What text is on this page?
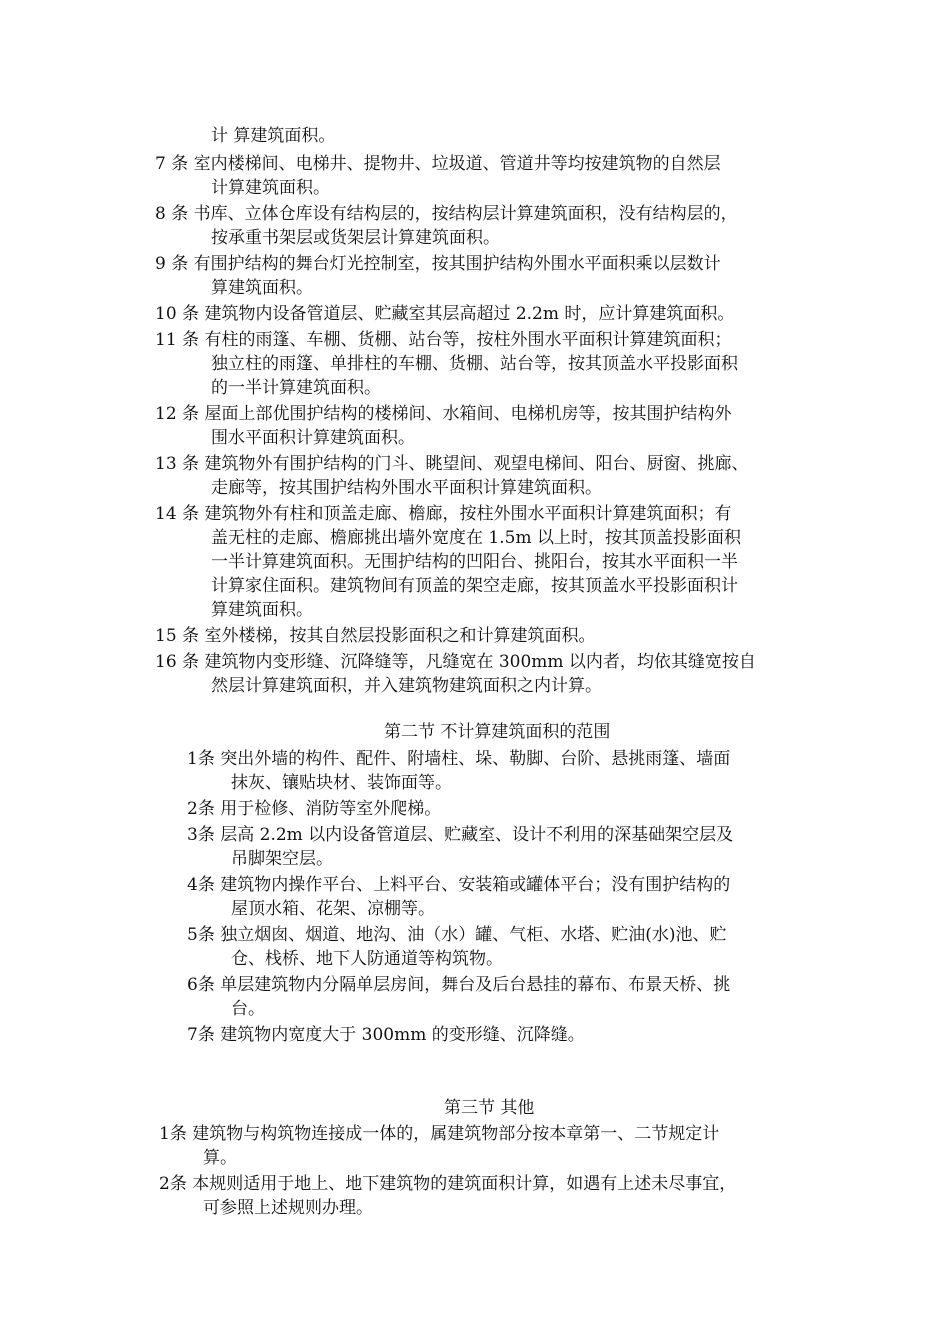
计 算建筑面积。
7 条 室内楼梯间、电梯井、提物井、垃圾道、管道井等均按建筑物的自然层
计算建筑面积。
8 条 书库、立体仓库设有结构层的，按结构层计算建筑面积，没有结构层的，
按承重书架层或货架层计算建筑面积。
9 条 有围护结构的舞台灯光控制室，按其围护结构外围水平面积乘以层数计
算建筑面积。
10 条 建筑物内设备管道层、贮藏室其层高超过 2.2m 时，应计算建筑面积。
11 条 有柱的雨篷、车棚、货棚、站台等，按柱外围水平面积计算建筑面积；
独立柱的雨篷、单排柱的车棚、货棚、站台等，按其顶盖水平投影面积
的一半计算建筑面积。
12 条 屋面上部优围护结构的楼梯间、水箱间、电梯机房等，按其围护结构外
围水平面积计算建筑面积。
13 条 建筑物外有围护结构的门斗、眺望间、观望电梯间、阳台、厨窗、挑廊、
走廊等，按其围护结构外围水平面积计算建筑面积。
14 条 建筑物外有柱和顶盖走廊、檐廊，按柱外围水平面积计算建筑面积；有
盖无柱的走廊、檐廊挑出墙外宽度在 1.5m 以上时，按其顶盖投影面积
一半计算建筑面积。无围护结构的凹阳台、挑阳台，按其水平面积一半
计算家住面积。建筑物间有顶盖的架空走廊，按其顶盖水平投影面积计
算建筑面积。
15 条 室外楼梯，按其自然层投影面积之和计算建筑面积。
16 条 建筑物内变形缝、沉降缝等，凡缝宽在 300mm 以内者，均依其缝宽按自
然层计算建筑面积，并入建筑物建筑面积之内计算。
第二节 不计算建筑面积的范围
1条 突出外墙的构件、配件、附墙柱、垛、勒脚、台阶、悬挑雨篷、墙面
抹灰、镶贴块材、装饰面等。
2条 用于检修、消防等室外爬梯。
3条 层高 2.2m 以内设备管道层、贮藏室、设计不利用的深基础架空层及
吊脚架空层。
4条 建筑物内操作平台、上料平台、安装箱或罐体平台；没有围护结构的
屋顶水箱、花架、凉棚等。
5条 独立烟囱、烟道、地沟、油（水）罐、气柜、水塔、贮油(水)池、贮
仓、栈桥、地下人防通道等构筑物。
6条 单层建筑物内分隔单层房间，舞台及后台悬挂的幕布、布景天桥、挑
台。
7条 建筑物内宽度大于 300mm 的变形缝、沉降缝。
第三节 其他
1条 建筑物与构筑物连接成一体的，属建筑物部分按本章第一、二节规定计
算。
2条 本规则适用于地上、地下建筑物的建筑面积计算，如遇有上述未尽事宜，
可参照上述规则办理。
